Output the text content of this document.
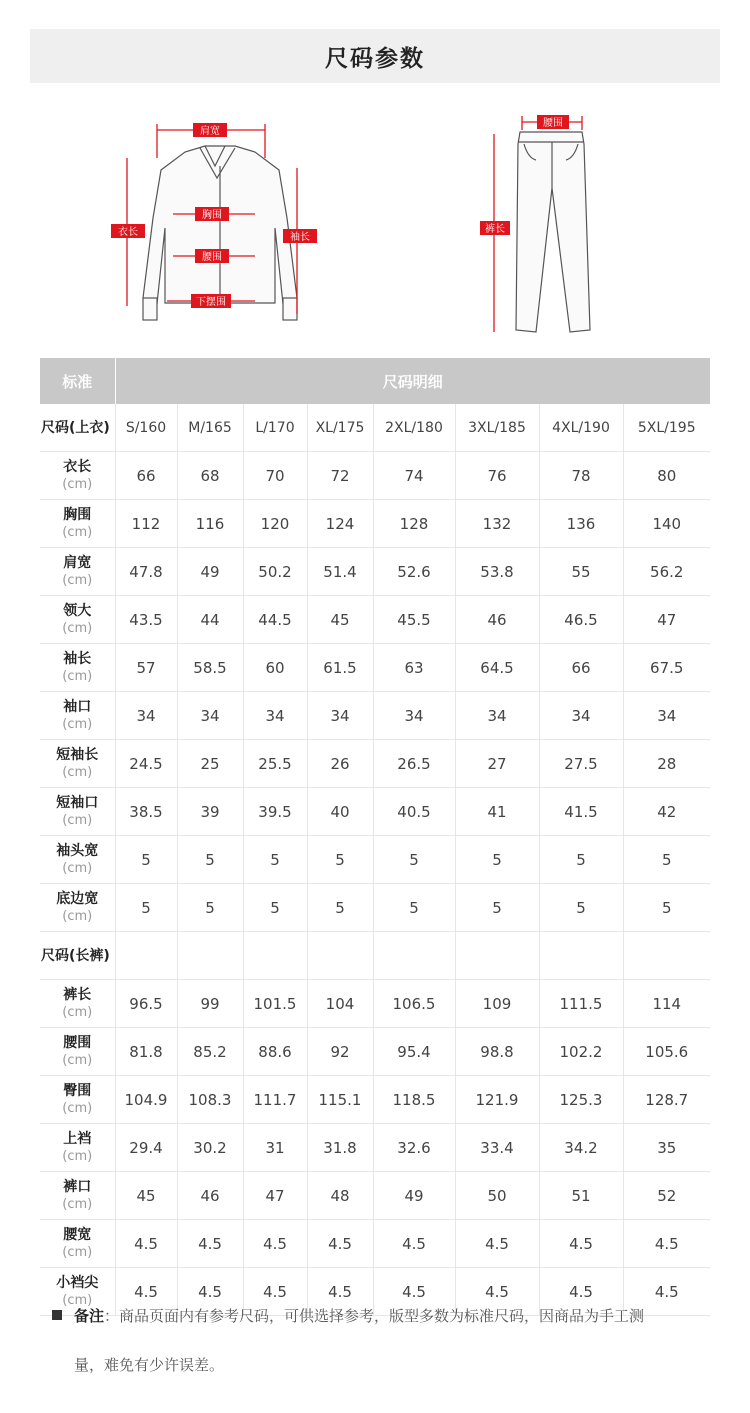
尺码参数
肩宽
衣长
胸围
袖长
腰围
下摆围
腰围
裤长
标准	尺码明细							
尺码(上衣)	S/160	M/165	L/170	XL/175	2XL/180	3XL/185	4XL/190	5XL/195
衣长
(cm)	66	68	70	72	74	76	78	80
胸围
(cm)	112	116	120	124	128	132	136	140
肩宽
(cm)	47.8	49	50.2	51.4	52.6	53.8	55	56.2
领大
(cm)	43.5	44	44.5	45	45.5	46	46.5	47
袖长
(cm)	57	58.5	60	61.5	63	64.5	66	67.5
袖口
(cm)	34	34	34	34	34	34	34	34
短袖长
(cm)	24.5	25	25.5	26	26.5	27	27.5	28
短袖口
(cm)	38.5	39	39.5	40	40.5	41	41.5	42
袖头宽
(cm)	5	5	5	5	5	5	5	5
底边宽
(cm)	5	5	5	5	5	5	5	5
尺码(长裤)								
裤长
(cm)	96.5	99	101.5	104	106.5	109	111.5	114
腰围
(cm)	81.8	85.2	88.6	92	95.4	98.8	102.2	105.6
臀围
(cm)	104.9	108.3	111.7	115.1	118.5	121.9	125.3	128.7
上裆
(cm)	29.4	30.2	31	31.8	32.6	33.4	34.2	35
裤口
(cm)	45	46	47	48	49	50	51	52
腰宽
(cm)	4.5	4.5	4.5	4.5	4.5	4.5	4.5	4.5
小裆尖
(cm)	4.5	4.5	4.5	4.5	4.5	4.5	4.5	4.5
备注：商品页面内有参考尺码，可供选择参考，版型多数为标准尺码，因商品为手工测
量，难免有少许误差。
